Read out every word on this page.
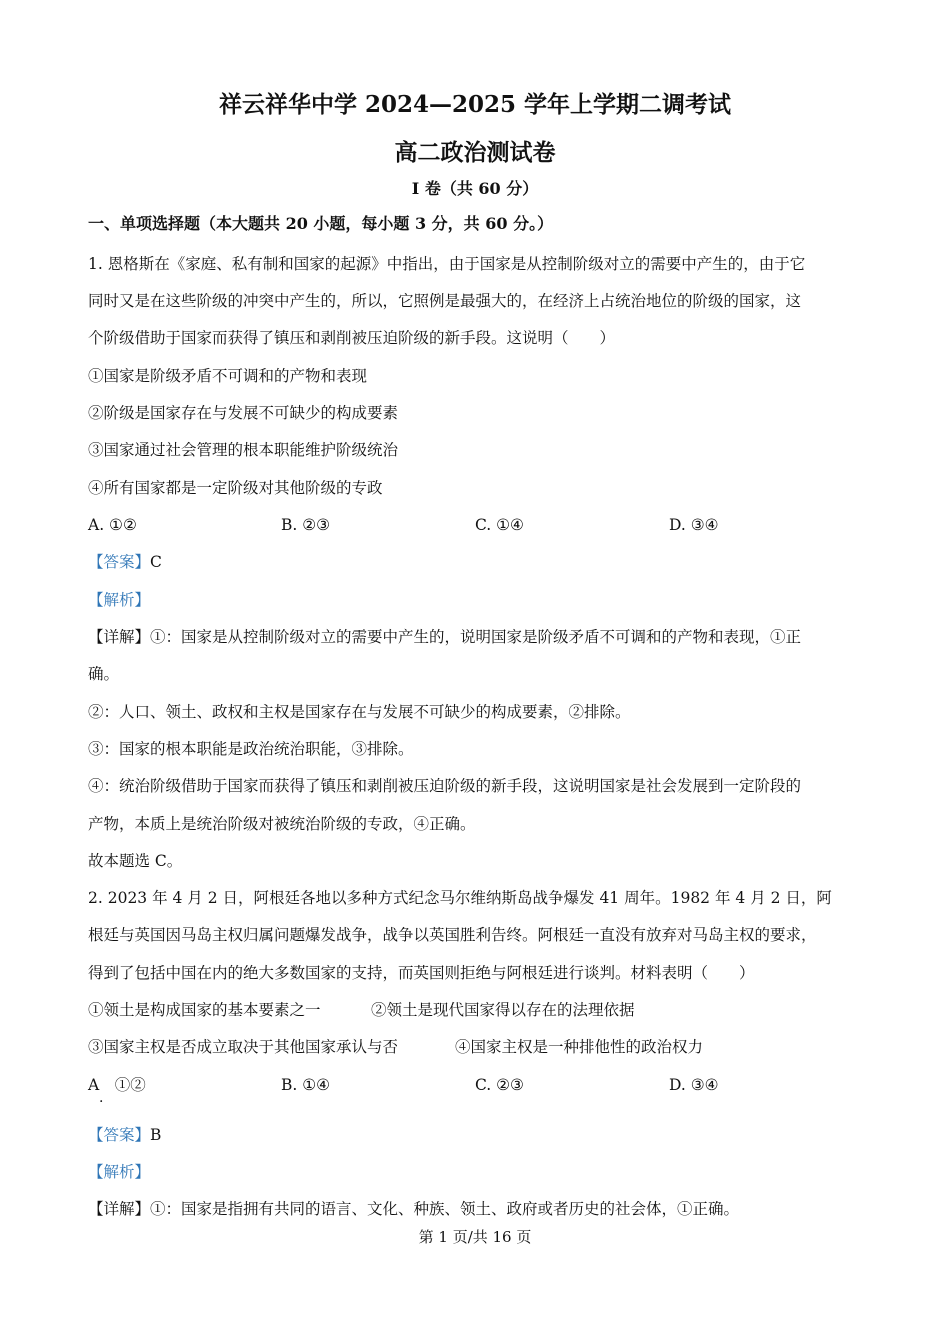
祥云祥华中学 2024—2025 学年上学期二调考试
高二政治测试卷
I 卷（共 60 分）
一、单项选择题（本大题共 20 小题，每小题 3 分，共 60 分。）
1. 恩格斯在《家庭、私有制和国家的起源》中指出，由于国家是从控制阶级对立的需要中产生的，由于它
同时又是在这些阶级的冲突中产生的，所以，它照例是最强大的，在经济上占统治地位的阶级的国家，这
个阶级借助于国家而获得了镇压和剥削被压迫阶级的新手段。这说明（　　）
①国家是阶级矛盾不可调和的产物和表现
②阶级是国家存在与发展不可缺少的构成要素
③国家通过社会管理的根本职能维护阶级统治
④所有国家都是一定阶级对其他阶级的专政
A. ①②	B. ②③	C. ①④	D. ③④
【答案】C
【解析】
【详解】①：国家是从控制阶级对立的需要中产生的，说明国家是阶级矛盾不可调和的产物和表现，①正
确。
②：人口、领土、政权和主权是国家存在与发展不可缺少的构成要素，②排除。
③：国家的根本职能是政治统治职能，③排除。
④：统治阶级借助于国家而获得了镇压和剥削被压迫阶级的新手段，这说明国家是社会发展到一定阶段的
产物，本质上是统治阶级对被统治阶级的专政，④正确。
故本题选 C。
2. 2023 年 4 月 2 日，阿根廷各地以多种方式纪念马尔维纳斯岛战争爆发 41 周年。1982 年 4 月 2 日，阿
根廷与英国因马岛主权归属问题爆发战争，战争以英国胜利告终。阿根廷一直没有放弃对马岛主权的要求，
得到了包括中国在内的绝大多数国家的支持，而英国则拒绝与阿根廷进行谈判。材料表明（　　）
①领土是构成国家的基本要素之一	②领土是现代国家得以存在的法理依据
③国家主权是否成立取决于其他国家承认与否	④国家主权是一种排他性的政治权力
A　①②
·
B. ①④	C. ②③	D. ③④
【答案】B
【解析】
【详解】①：国家是指拥有共同的语言、文化、种族、领土、政府或者历史的社会体，①正确。
第 1 页/共 16 页
